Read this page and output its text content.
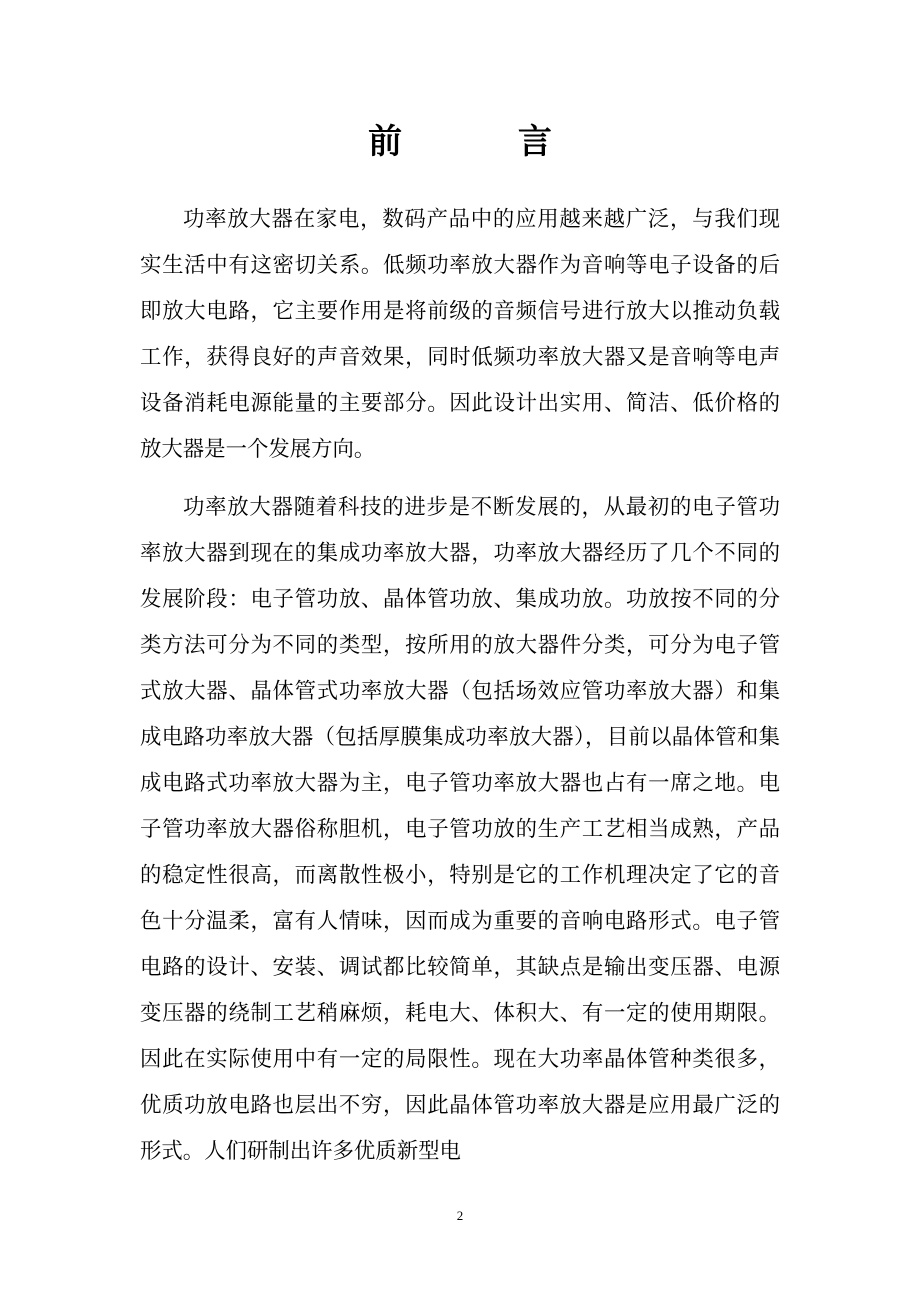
前 言

功率放大器在家电，数码产品中的应用越来越广泛，与我们现实生活中有这密切关系。低频功率放大器作为音响等电子设备的后即放大电路，它主要作用是将前级的音频信号进行放大以推动负载工作，获得良好的声音效果，同时低频功率放大器又是音响等电声设备消耗电源能量的主要部分。因此设计出实用、简洁、低价格的放大器是一个发展方向。

功率放大器随着科技的进步是不断发展的，从最初的电子管功率放大器到现在的集成功率放大器，功率放大器经历了几个不同的发展阶段：电子管功放、晶体管功放、集成功放。功放按不同的分类方法可分为不同的类型，按所用的放大器件分类，可分为电子管式放大器、晶体管式功率放大器（包括场效应管功率放大器）和集成电路功率放大器（包括厚膜集成功率放大器），目前以晶体管和集成电路式功率放大器为主，电子管功率放大器也占有一席之地。电子管功率放大器俗称胆机，电子管功放的生产工艺相当成熟，产品的稳定性很高，而离散性极小，特别是它的工作机理决定了它的音色十分温柔，富有人情味，因而成为重要的音响电路形式。电子管电路的设计、安装、调试都比较简单，其缺点是输出变压器、电源变压器的绕制工艺稍麻烦，耗电大、体积大、有一定的使用期限。因此在实际使用中有一定的局限性。现在大功率晶体管种类很多，优质功放电路也层出不穷，因此晶体管功率放大器是应用最广泛的形式。人们研制出许多优质新型电

2
